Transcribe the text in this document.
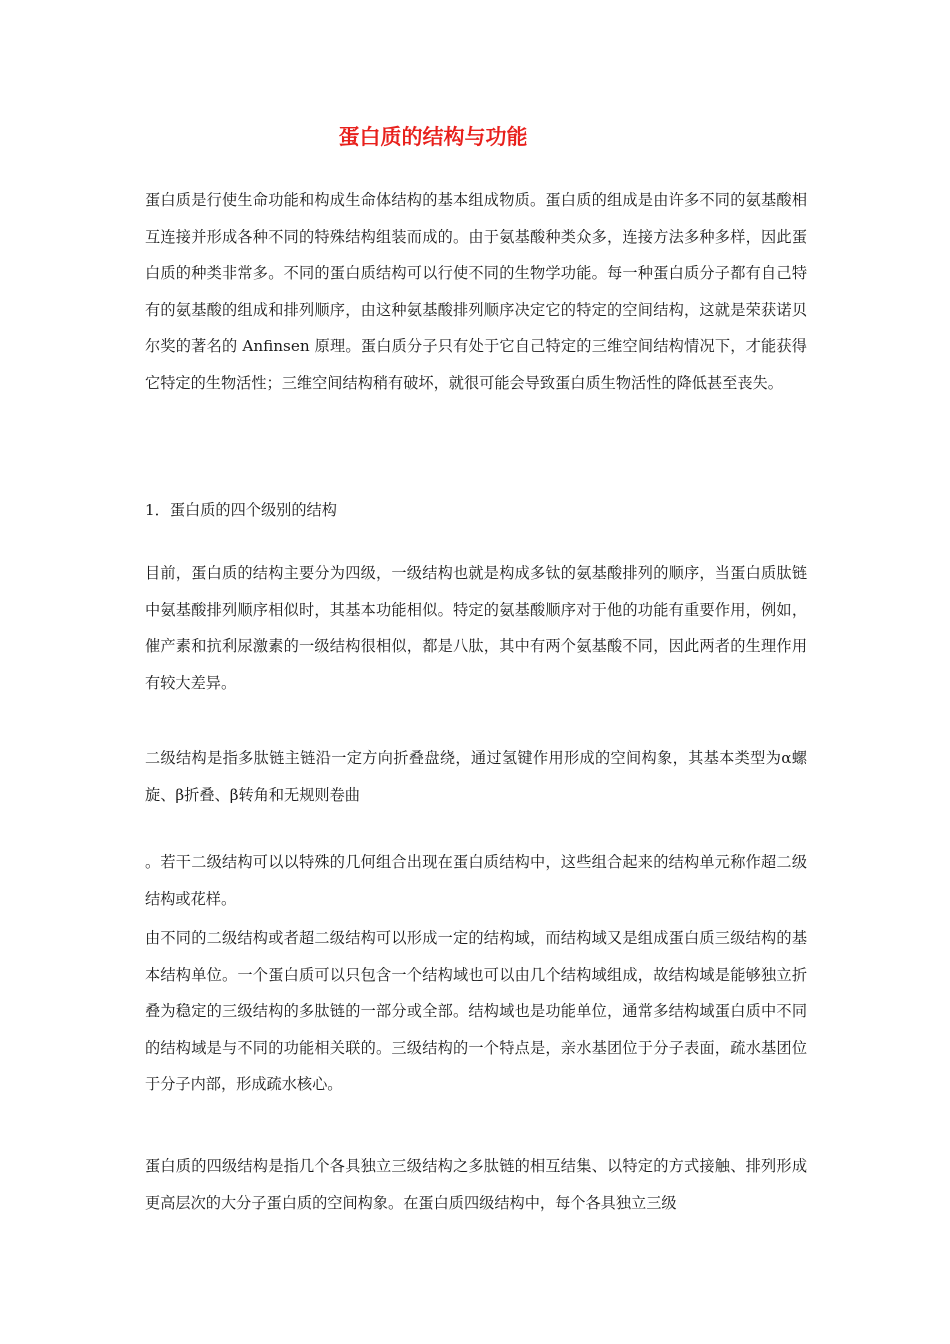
蛋白质的结构与功能

蛋白质是行使生命功能和构成生命体结构的基本组成物质。蛋白质的组成是由许多不同的氨基酸相互连接并形成各种不同的特殊结构组装而成的。由于氨基酸种类众多，连接方法多种多样，因此蛋白质的种类非常多。不同的蛋白质结构可以行使不同的生物学功能。每一种蛋白质分子都有自己特有的氨基酸的组成和排列顺序，由这种氨基酸排列顺序决定它的特定的空间结构，这就是荣获诺贝尔奖的著名的 Anfinsen 原理。蛋白质分子只有处于它自己特定的三维空间结构情况下，才能获得它特定的生物活性；三维空间结构稍有破坏，就很可能会导致蛋白质生物活性的降低甚至丧失。

1．蛋白质的四个级别的结构

目前，蛋白质的结构主要分为四级，一级结构也就是构成多钛的氨基酸排列的顺序，当蛋白质肽链中氨基酸排列顺序相似时，其基本功能相似。特定的氨基酸顺序对于他的功能有重要作用，例如，催产素和抗利尿激素的一级结构很相似，都是八肽，其中有两个氨基酸不同，因此两者的生理作用有较大差异。

二级结构是指多肽链主链沿一定方向折叠盘绕，通过氢键作用形成的空间构象，其基本类型为α螺旋、β折叠、β转角和无规则卷曲

。若干二级结构可以以特殊的几何组合出现在蛋白质结构中，这些组合起来的结构单元称作超二级结构或花样。

由不同的二级结构或者超二级结构可以形成一定的结构域，而结构域又是组成蛋白质三级结构的基本结构单位。一个蛋白质可以只包含一个结构域也可以由几个结构域组成，故结构域是能够独立折叠为稳定的三级结构的多肽链的一部分或全部。结构域也是功能单位，通常多结构域蛋白质中不同的结构域是与不同的功能相关联的。三级结构的一个特点是，亲水基团位于分子表面，疏水基团位于分子内部，形成疏水核心。

蛋白质的四级结构是指几个各具独立三级结构之多肽链的相互结集、以特定的方式接触、排列形成更高层次的大分子蛋白质的空间构象。在蛋白质四级结构中，每个各具独立三级
